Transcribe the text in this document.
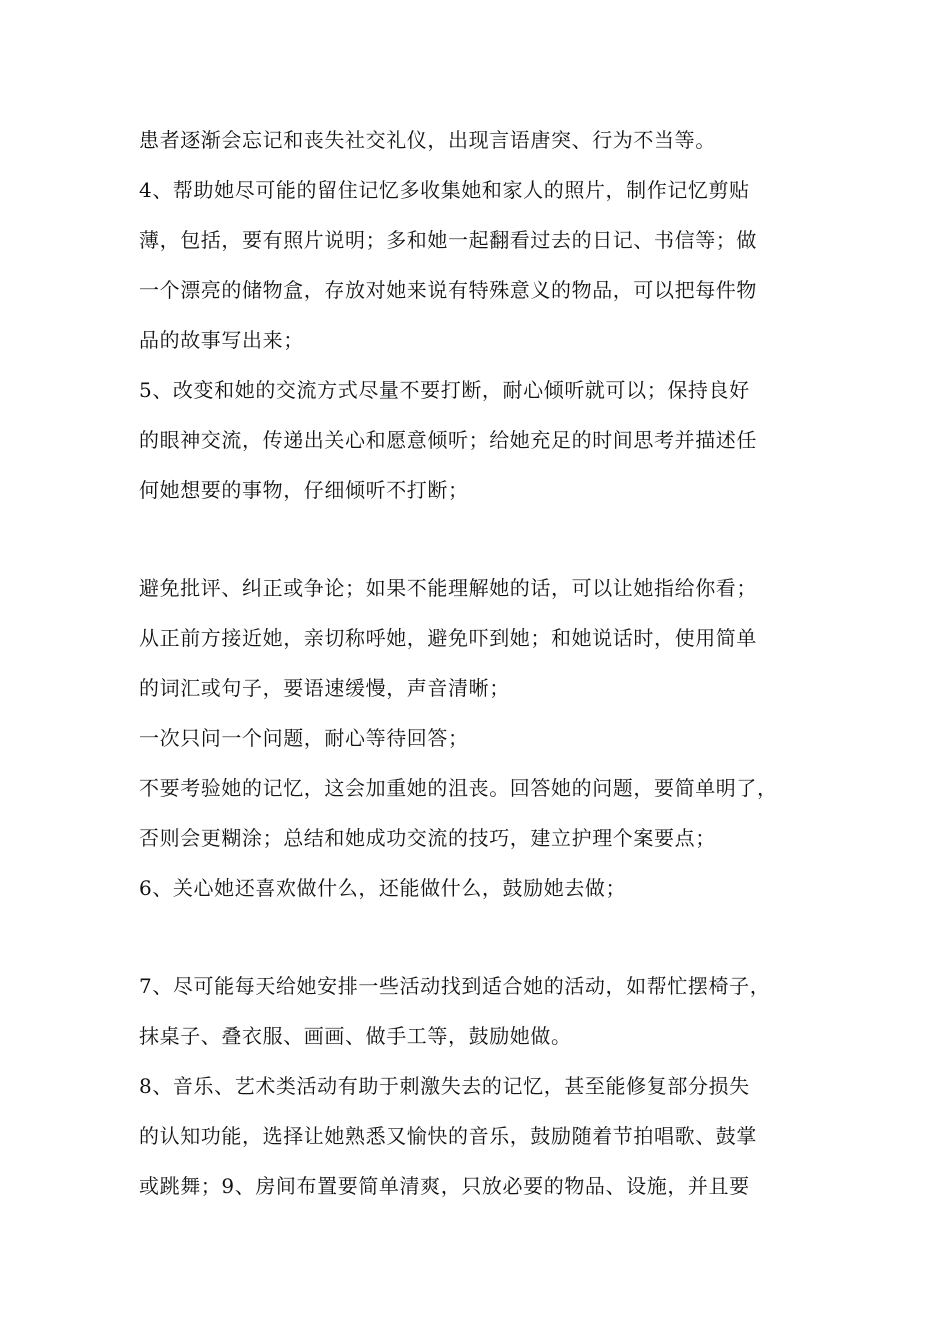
患者逐渐会忘记和丧失社交礼仪，出现言语唐突、行为不当等。
4、帮助她尽可能的留住记忆多收集她和家人的照片，制作记忆剪贴
薄，包括，要有照片说明；多和她一起翻看过去的日记、书信等；做
一个漂亮的储物盒，存放对她来说有特殊意义的物品，可以把每件物
品的故事写出来；
5、改变和她的交流方式尽量不要打断，耐心倾听就可以；保持良好
的眼神交流，传递出关心和愿意倾听；给她充足的时间思考并描述任
何她想要的事物，仔细倾听不打断；
避免批评、纠正或争论；如果不能理解她的话，可以让她指给你看；
从正前方接近她，亲切称呼她，避免吓到她；和她说话时，使用简单
的词汇或句子，要语速缓慢，声音清晰；
一次只问一个问题，耐心等待回答；
不要考验她的记忆，这会加重她的沮丧。回答她的问题，要简单明了，
否则会更糊涂；总结和她成功交流的技巧，建立护理个案要点；
6、关心她还喜欢做什么，还能做什么，鼓励她去做；
7、尽可能每天给她安排一些活动找到适合她的活动，如帮忙摆椅子，
抹桌子、叠衣服、画画、做手工等，鼓励她做。
8、音乐、艺术类活动有助于刺激失去的记忆，甚至能修复部分损失
的认知功能，选择让她熟悉又愉快的音乐，鼓励随着节拍唱歌、鼓掌
或跳舞；9、房间布置要简单清爽，只放必要的物品、设施，并且要
